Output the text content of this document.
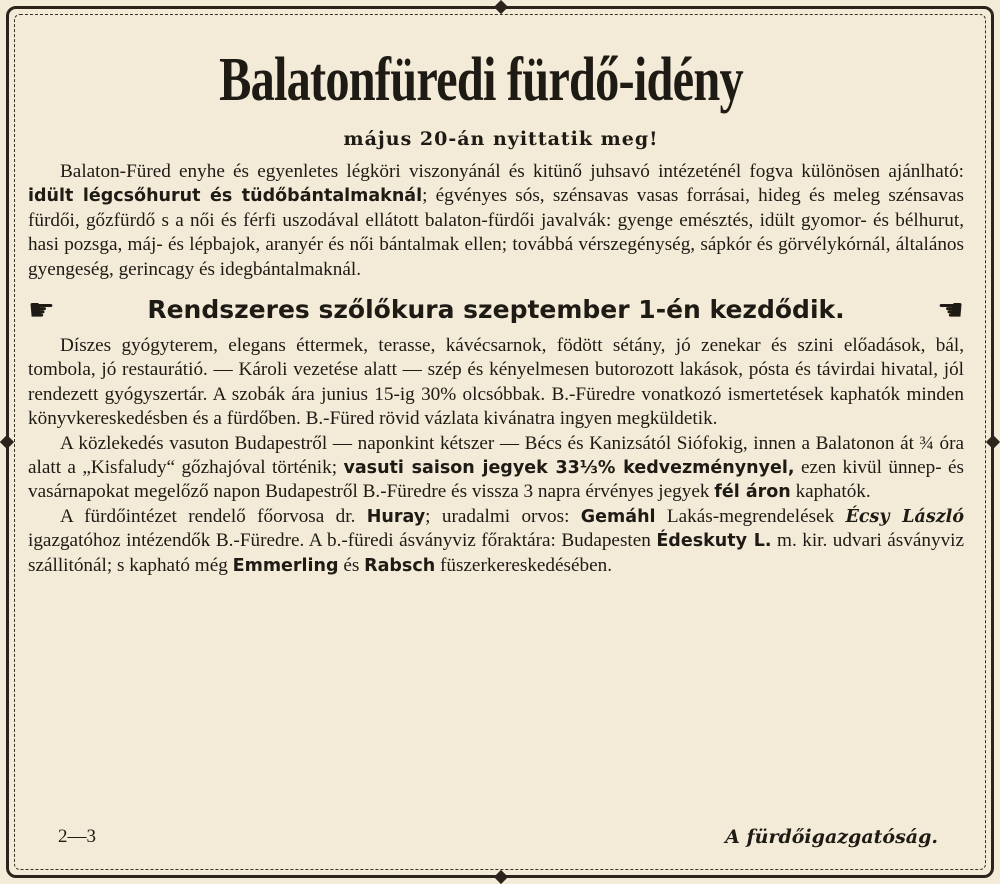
Balatonfüredi fürdő-idény
május 20-án nyittatik meg!

Balaton-Füred enyhe és egyenletes légköri viszonyánál és kitünő juhsavó intézeténél fogva különösen ajánlható: idült légcsőhurut és tüdőbántalmaknál; égvényes sós, szénsavas vasas forrásai, hideg és meleg szénsavas fürdői, gőzfürdő s a női és férfi uszodával ellátott balaton-fürdői javalvák: gyenge emésztés, idült gyomor- és bélhurut, hasi pozsga, máj- és lépbajok, aranyér és női bántalmak ellen; továbbá vérszegénység, sápkór és görvélykórnál, általános gyengeség, gerincagy és idegbántalmaknál.

☛	Rendszeres szőlőkura szeptember 1-én kezdődik.	☚

Díszes gyógyterem, elegans éttermek, terasse, kávécsarnok, födött sétány, jó zenekar és szini előadások, bál, tombola, jó restaurátió. — Károli vezetése alatt — szép és kényelmesen butorozott lakások, pósta és távirdai hivatal, jól rendezett gyógyszertár. A szobák ára junius 15-ig 30% olcsóbbak. B.-Füredre vonatkozó ismertetések kaphatók minden könyvkereskedésben és a fürdőben. B.-Füred rövid vázlata kivánatra ingyen megküldetik.

A közlekedés vasuton Budapestről — naponkint kétszer — Bécs és Kanizsától Siófokig, innen a Balatonon át ¾ óra alatt a „Kisfaludy“ gőzhajóval történik; vasuti saison jegyek 33⅓% kedvezménynyel, ezen kivül ünnep- és vasárnapokat megelőző napon Budapestről B.-Füredre és vissza 3 napra érvényes jegyek fél áron kaphatók.

A fürdőintézet rendelő főorvosa dr. Huray; uradalmi orvos: Gemáhl Lakás-megrendelések Écsy László igazgatóhoz intézendők B.-Füredre. A b.-füredi ásványviz főraktára: Budapesten Édeskuty L. m. kir. udvari ásványviz szállitónál; s kapható még Emmerling és Rabsch füszerkereskedésében.

2—3	A fürdőigazgatóság.
